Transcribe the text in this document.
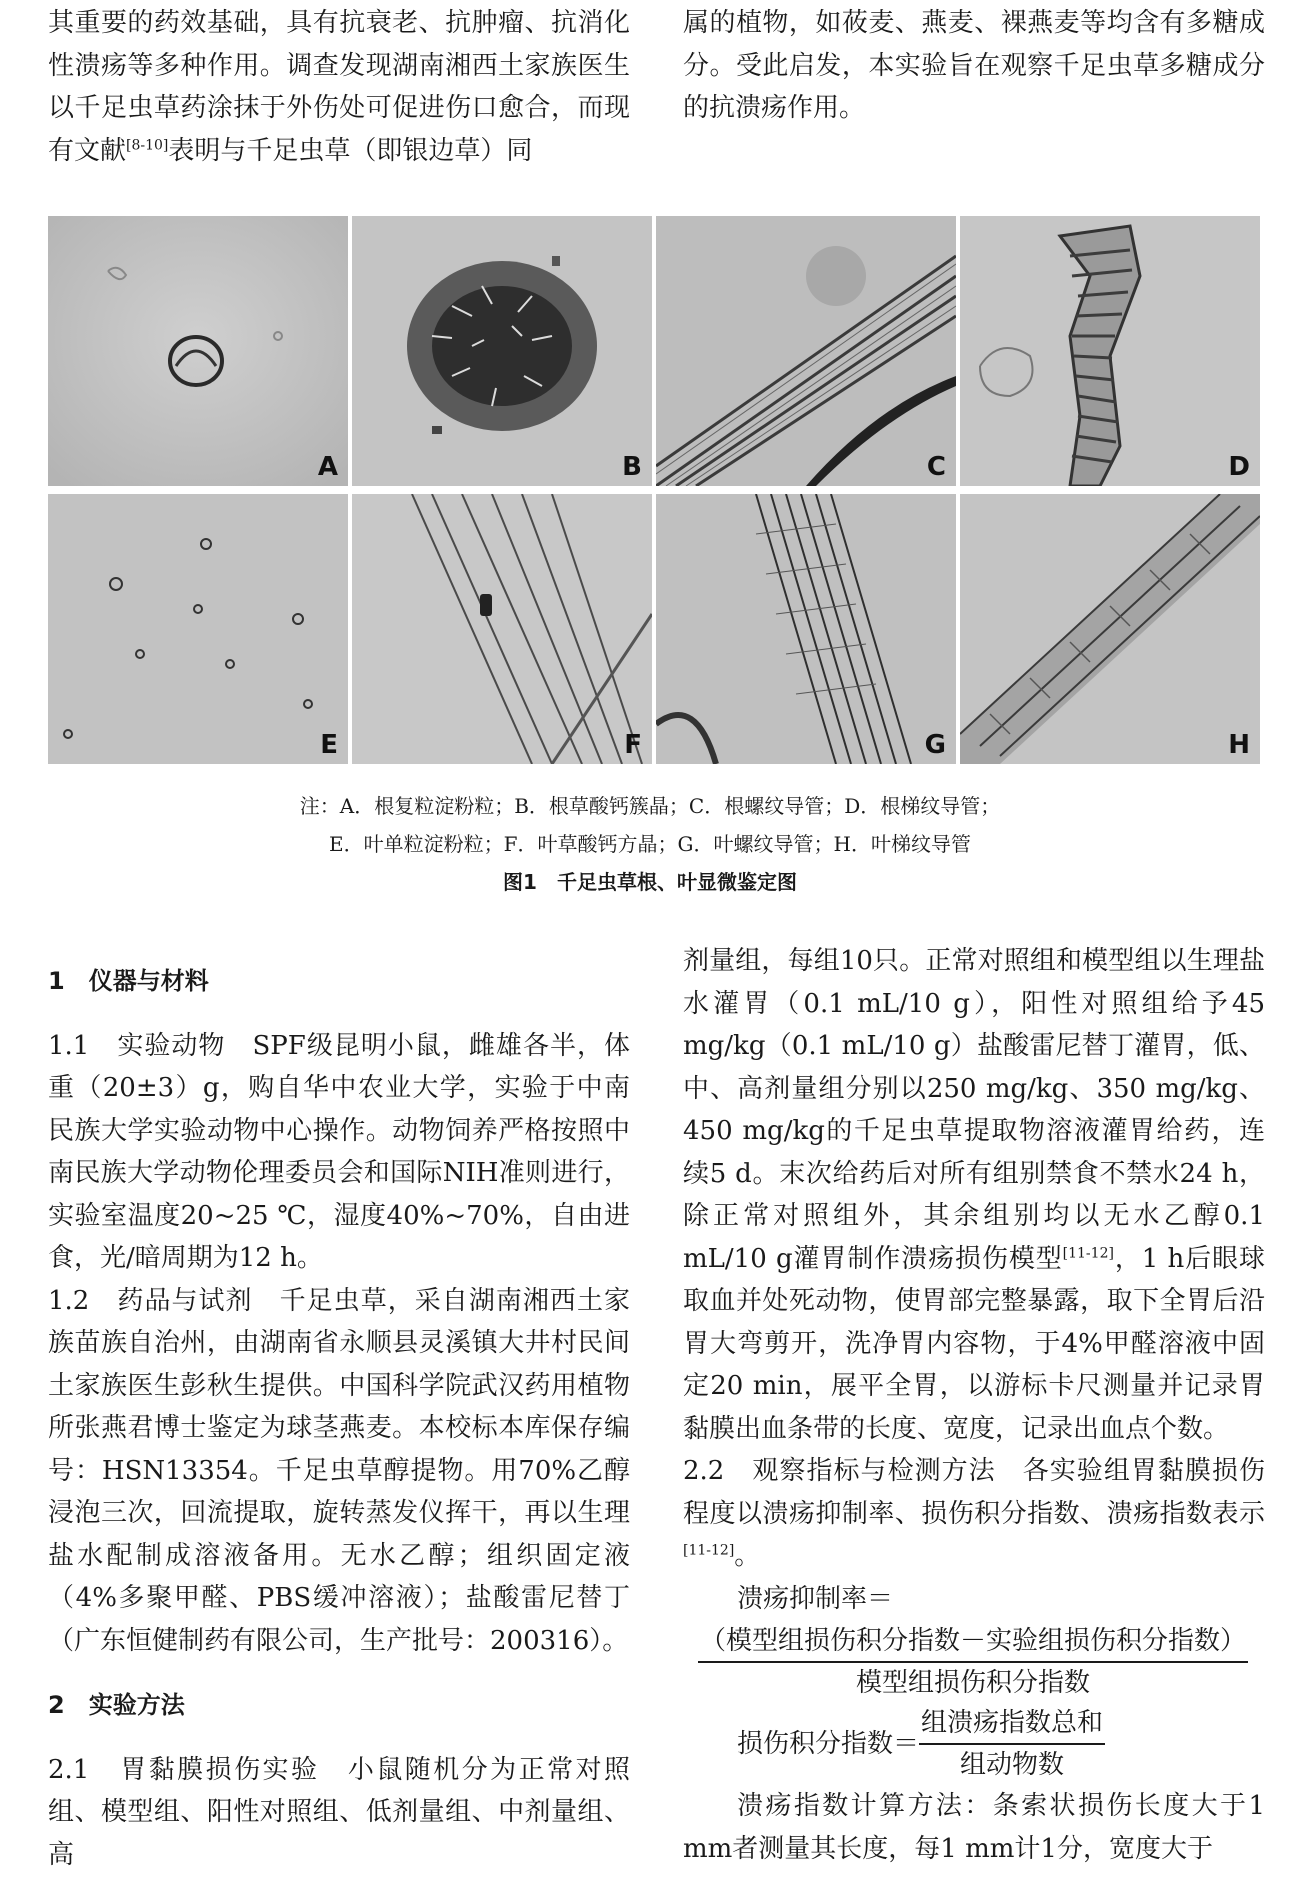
其重要的药效基础，具有抗衰老、抗肿瘤、抗消化性溃疡等多种作用。调查发现湖南湘西土家族医生以千足虫草药涂抹于外伤处可促进伤口愈合，而现有文献[8-10]表明与千足虫草（即银边草）同

属的植物，如莜麦、燕麦、裸燕麦等均含有多糖成分。受此启发，本实验旨在观察千足虫草多糖成分的抗溃疡作用。

A	B	C	D
E	F	G	H
注：A．根复粒淀粉粒；B．根草酸钙簇晶；C．根螺纹导管；D．根梯纹导管；
E．叶单粒淀粉粒；F．叶草酸钙方晶；G．叶螺纹导管；H．叶梯纹导管
图1　千足虫草根、叶显微鉴定图

1　仪器与材料

1.1　实验动物　SPF级昆明小鼠，雌雄各半，体重（20±3）g，购自华中农业大学，实验于中南民族大学实验动物中心操作。动物饲养严格按照中南民族大学动物伦理委员会和国际NIH准则进行，实验室温度20~25 ℃，湿度40%~70%，自由进食，光/暗周期为12 h。

1.2　药品与试剂　千足虫草，采自湖南湘西土家族苗族自治州，由湖南省永顺县灵溪镇大井村民间土家族医生彭秋生提供。中国科学院武汉药用植物所张燕君博士鉴定为球茎燕麦。本校标本库保存编号：HSN13354。千足虫草醇提物。用70%乙醇浸泡三次，回流提取，旋转蒸发仪挥干，再以生理盐水配制成溶液备用。无水乙醇；组织固定液（4%多聚甲醛、PBS缓冲溶液）；盐酸雷尼替丁（广东恒健制药有限公司，生产批号：200316）。

2　实验方法

2.1　胃黏膜损伤实验　小鼠随机分为正常对照组、模型组、阳性对照组、低剂量组、中剂量组、高

剂量组，每组10只。正常对照组和模型组以生理盐水灌胃（0.1 mL/10 g），阳性对照组给予45 mg/kg（0.1 mL/10 g）盐酸雷尼替丁灌胃，低、中、高剂量组分别以250 mg/kg、350 mg/kg、450 mg/kg的千足虫草提取物溶液灌胃给药，连续5 d。末次给药后对所有组别禁食不禁水24 h，除正常对照组外，其余组别均以无水乙醇0.1 mL/10 g灌胃制作溃疡损伤模型[11-12]，1 h后眼球取血并处死动物，使胃部完整暴露，取下全胃后沿胃大弯剪开，洗净胃内容物，于4%甲醛溶液中固定20 min，展平全胃，以游标卡尺测量并记录胃黏膜出血条带的长度、宽度，记录出血点个数。

2.2　观察指标与检测方法　各实验组胃黏膜损伤程度以溃疡抑制率、损伤积分指数、溃疡指数表示[11-12]。

溃疡抑制率＝

$\frac{\text{（模型组损伤积分指数－实验组损伤积分指数）}}{\text{模型组损伤积分指数}}$
损伤积分指数＝ $\frac{\text{组溃疡指数总和}}{\text{组动物数}}$

溃疡指数计算方法：条索状损伤长度大于1 mm者测量其长度，每1 mm计1分，宽度大于
